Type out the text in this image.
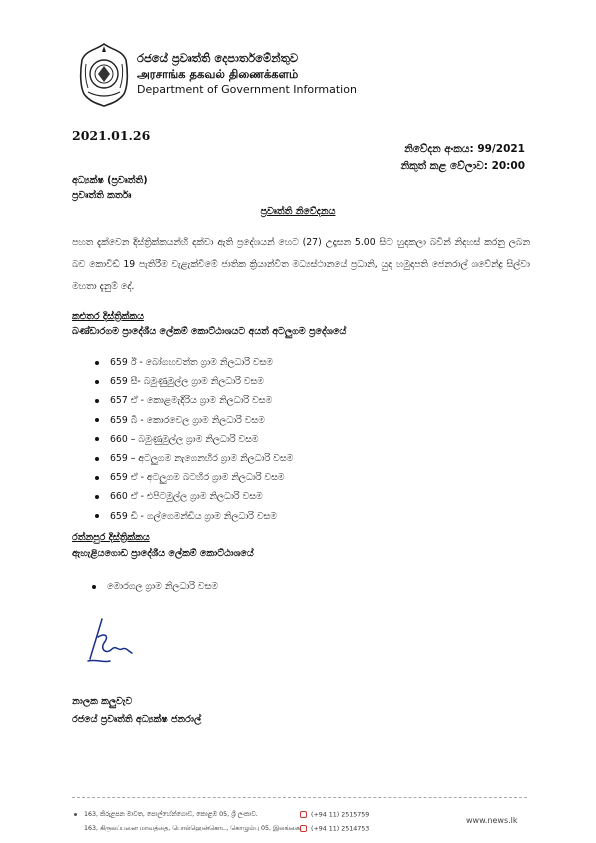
රජයේ ප්‍රවෘත්ති දෙපාර්තමේන්තුව
அரசாங்க தகவல் திணைக்களம்
Department of Government Information
2021.01.26
නිවේදන අංකය: 99/2021
නිකුත් කළ වේලාව: 20:00
අධ්‍යක්ෂ (ප්‍රවෘත්ති)
ප්‍රවෘත්ති කර්තෘ
ප්‍රවෘත්ති නිවේදනය
පහත දැක්වෙන දිස්ත්‍රික්කයන්හි දක්වා ඇති ප්‍රදේශයන් හෙට (27) උදෑසන 5.00 සිට හුදකලා බවින් නිදහස් කරනු ලබන බව කොවිඩ් 19 පැතිරීම වැළැක්වීමේ ජාතික ක්‍රියාන්විත මධ්‍යස්ථානයේ ප්‍රධානි, යුද හමුදාපති ජෙනරාල් ශවේන්ද්‍ර සිල්වා මහතා දැනුම් දේ.
කළුතර දිස්ත්‍රික්කය
බණ්ඩාරගම ප්‍රාදේශීය ලේකම් කොට්ඨාශයට අයත් අටලුගම ප්‍රදේශයේ
659 ඊ - බෝගහවත්ත ග්‍රාම නිලධාරි වසම
659 සී- බමුණුමුල්ල ග්‍රාම නිලධාරි වසම
657 ඒ - කොළමැදිරිය ග්‍රාම නිලධාරි වසම
659 බී - කොරවෙල ග්‍රාම නිලධාරි වසම
660 – බමුණුමුල්ල ග්‍රාම නිලධාරි වසම
659 – අටලුගම නැගෙනහිර ග්‍රාම නිලධාරි වසම
659 ඒ - අටලුගම බටහිර ග්‍රාම නිලධාරි වසම
660 ඒ - එපිටමුල්ල ග්‍රාම නිලධාරි වසම
659 ඩී - ගල්ගෙමන්ඩිය ග්‍රාම නිලධාරි වසම
රත්නපුර දිස්ත්‍රික්කය
ඇහැළියගොඩ ප්‍රාදේශීය ලේකම් කොට්ඨාශයේ
මොරගල ග්‍රාම නිලධාරි වසම
නාලක කලුවැව
රජයේ ප්‍රවෘත්ති අධ්‍යක්ෂ ජනරාල්
163, කිරුළපන මාවත, පොල්හේන්ගොඩ, කොළඹ 05, ශ්‍රී ලංකාව.
163, கிருலப்பனை மாவத்தை, பொல்ஹென்கொட, கொழும்பு 05, இலங்கை.
(+94 11) 2515759
(+94 11) 2514753
www.news.lk
